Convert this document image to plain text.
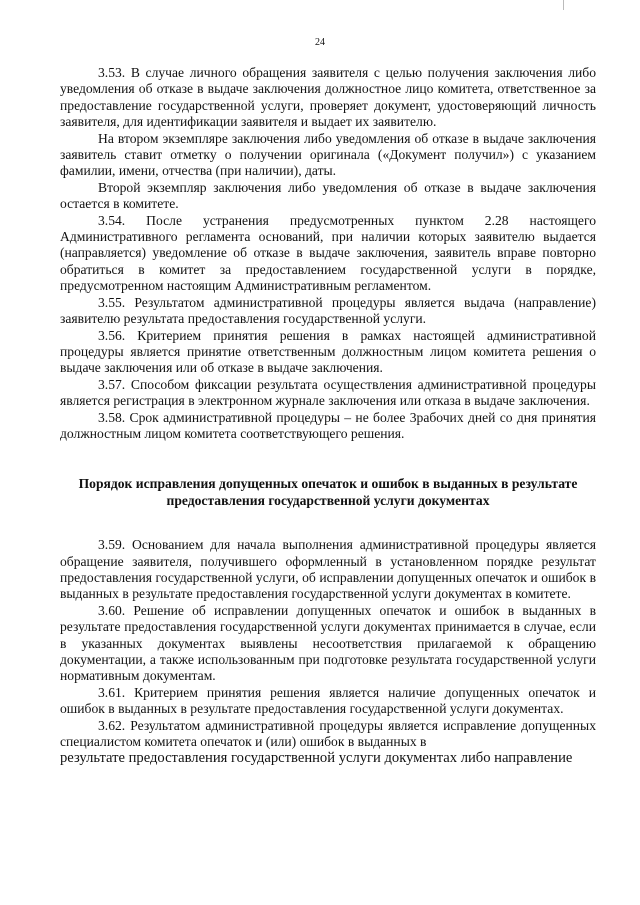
24

3.53. В случае личного обращения заявителя с целью получения заключения либо уведомления об отказе в выдаче заключения должностное лицо комитета, ответственное за предоставление государственной услуги, проверяет документ, удостоверяющий личность заявителя, для идентификации заявителя и выдает их заявителю.

На втором экземпляре заключения либо уведомления об отказе в выдаче заключения заявитель ставит отметку о получении оригинала («Документ получил») с указанием фамилии, имени, отчества (при наличии), даты.

Второй экземпляр заключения либо уведомления об отказе в выдаче заключения остается в комитете.

3.54. После устранения предусмотренных пунктом 2.28 настоящего Административного регламента оснований, при наличии которых заявителю выдается (направляется) уведомление об отказе в выдаче заключения, заявитель вправе повторно обратиться в комитет за предоставлением государственной услуги в порядке, предусмотренном настоящим Административным регламентом.

3.55. Результатом административной процедуры является выдача (направление) заявителю результата предоставления государственной услуги.

3.56. Критерием принятия решения в рамках настоящей административной процедуры является принятие ответственным должностным лицом комитета решения о выдаче заключения или об отказе в выдаче заключения.

3.57. Способом фиксации результата осуществления административной процедуры является регистрация в электронном журнале заключения или отказа в выдаче заключения.

3.58. Срок административной процедуры – не более 3рабочих дней со дня принятия должностным лицом комитета соответствующего решения.

Порядок исправления допущенных опечаток и ошибок в выданных в результате предоставления государственной услуги документах

3.59. Основанием для начала выполнения административной процедуры является обращение заявителя, получившего оформленный в установленном порядке результат предоставления государственной услуги, об исправлении допущенных опечаток и ошибок в выданных в результате предоставления государственной услуги документах в комитете.

3.60. Решение об исправлении допущенных опечаток и ошибок в выданных в результате предоставления государственной услуги документах принимается в случае, если в указанных документах выявлены несоответствия прилагаемой к обращению документации, а также использованным при подготовке результата государственной услуги нормативным документам.

3.61. Критерием принятия решения является наличие допущенных опечаток и ошибок в выданных в результате предоставления государственной услуги документах.

3.62. Результатом административной процедуры является исправление допущенных специалистом комитета опечаток и (или) ошибок в выданных в

результате предоставления государственной услуги документах либо направление
